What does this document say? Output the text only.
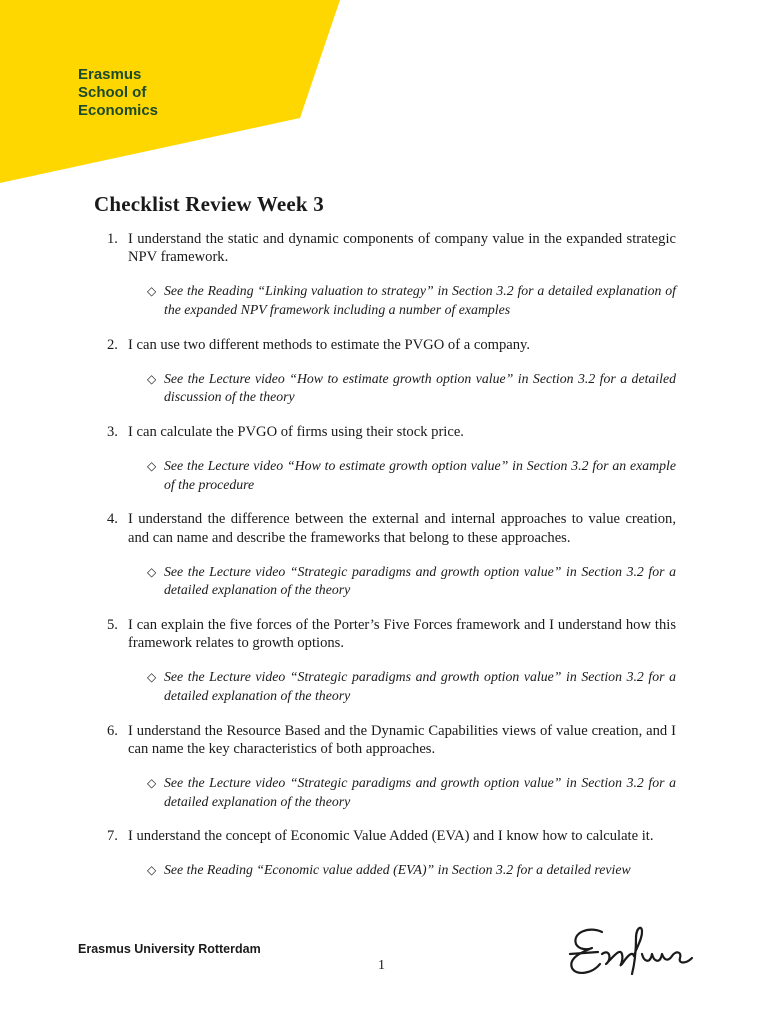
Erasmus
School of
Economics
Checklist Review Week 3
1. I understand the static and dynamic components of company value in the expanded strategic NPV framework.
◇ See the Reading “Linking valuation to strategy” in Section 3.2 for a detailed explanation of the expanded NPV framework including a number of examples
2. I can use two different methods to estimate the PVGO of a company.
◇ See the Lecture video “How to estimate growth option value” in Section 3.2 for a detailed discussion of the theory
3. I can calculate the PVGO of firms using their stock price.
◇ See the Lecture video “How to estimate growth option value” in Section 3.2 for an example of the procedure
4. I understand the difference between the external and internal approaches to value creation, and can name and describe the frameworks that belong to these approaches.
◇ See the Lecture video “Strategic paradigms and growth option value” in Section 3.2 for a detailed explanation of the theory
5. I can explain the five forces of the Porter’s Five Forces framework and I understand how this framework relates to growth options.
◇ See the Lecture video “Strategic paradigms and growth option value” in Section 3.2 for a detailed explanation of the theory
6. I understand the Resource Based and the Dynamic Capabilities views of value creation, and I can name the key characteristics of both approaches.
◇ See the Lecture video “Strategic paradigms and growth option value” in Section 3.2 for a detailed explanation of the theory
7. I understand the concept of Economic Value Added (EVA) and I know how to calculate it.
◇ See the Reading “Economic value added (EVA)” in Section 3.2 for a detailed review
Erasmus University Rotterdam
1
